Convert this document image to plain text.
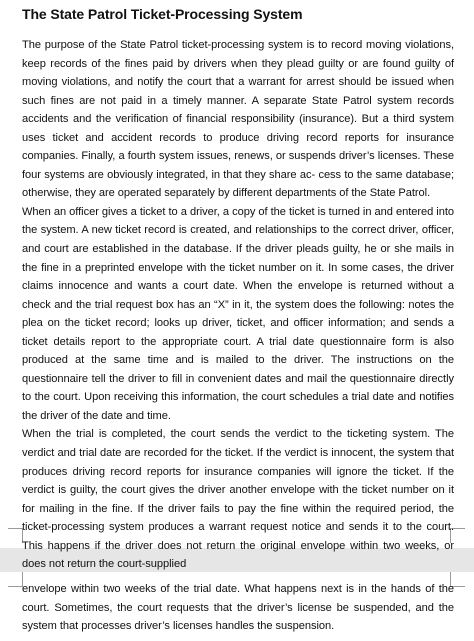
The State Patrol Ticket-Processing System

The purpose of the State Patrol ticket-processing system is to record moving violations, keep records of the fines paid by drivers when they plead guilty or are found guilty of moving violations, and notify the court that a warrant for arrest should be issued when such fines are not paid in a timely manner. A separate State Patrol system records accidents and the verification of financial responsibility (insurance). But a third system uses ticket and accident records to produce driving record reports for insurance companies. Finally, a fourth system issues, renews, or suspends driver’s licenses. These four systems are obviously integrated, in that they share ac- cess to the same database; otherwise, they are operated separately by different departments of the State Patrol.

When an officer gives a ticket to a driver, a copy of the ticket is turned in and entered into the system. A new ticket record is created, and relationships to the correct driver, officer, and court are established in the database. If the driver pleads guilty, he or she mails in the fine in a preprinted envelope with the ticket number on it. In some cases, the driver claims innocence and wants a court date. When the envelope is returned without a check and the trial request box has an “X” in it, the system does the following: notes the plea on the ticket record; looks up driver, ticket, and officer information; and sends a ticket details report to the appropriate court. A trial date questionnaire form is also produced at the same time and is mailed to the driver. The instructions on the questionnaire tell the driver to fill in convenient dates and mail the questionnaire directly to the court. Upon receiving this information, the court schedules a trial date and notifies the driver of the date and time.

When the trial is completed, the court sends the verdict to the ticketing system. The verdict and trial date are recorded for the ticket. If the verdict is innocent, the system that produces driving record reports for insurance companies will ignore the ticket. If the verdict is guilty, the court gives the driver another envelope with the ticket number on it for mailing in the fine. If the driver fails to pay the fine within the required period, the ticket-processing system produces a warrant request notice and sends it to the court. This happens if the driver does not return the original envelope within two weeks, or does not return the court-supplied

envelope within two weeks of the trial date. What happens next is in the hands of the court. Sometimes, the court requests that the driver’s license be suspended, and the system that processes driver’s licenses handles the suspension.
